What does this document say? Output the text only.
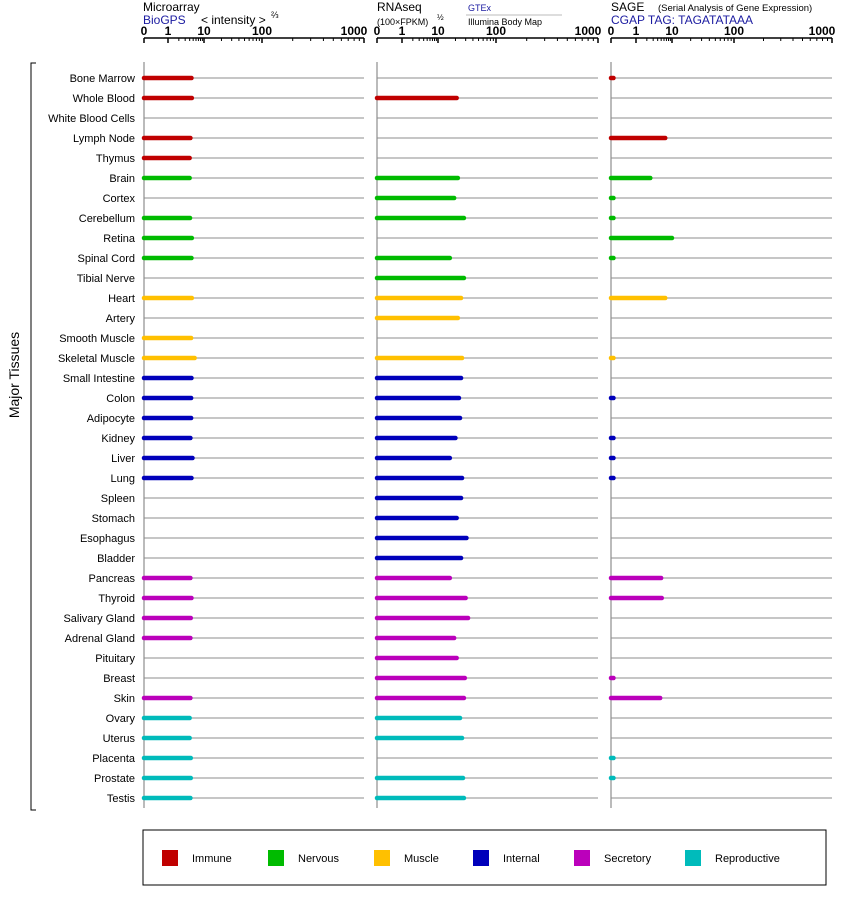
Microarray
BioGPS < intensity > ⅔
RNAseq
(100×FPKM) ½
GTEx
Illumina Body Map
SAGE (Serial Analysis of Gene Expression)
CGAP TAG: TAGATATAAA
Major Tissues
0 1 10	100	1000 0 1 10	100	1000 0 1 10	100	1000
Bone Marrow
Whole Blood
White Blood Cells
Lymph Node
Thymus
Brain
Cortex
Cerebellum
Retina
Spinal Cord
Tibial Nerve
Heart
Artery
Smooth Muscle
Skeletal Muscle
Small Intestine
Colon
Adipocyte
Kidney
Liver
Lung
Spleen
Stomach
Esophagus
Bladder
Pancreas
Thyroid
Salivary Gland
Adrenal Gland
Pituitary
Breast
Skin
Ovary
Uterus
Placenta
Prostate
Testis
Immune	Nervous	Muscle	Internal	Secretory	Reproductive
